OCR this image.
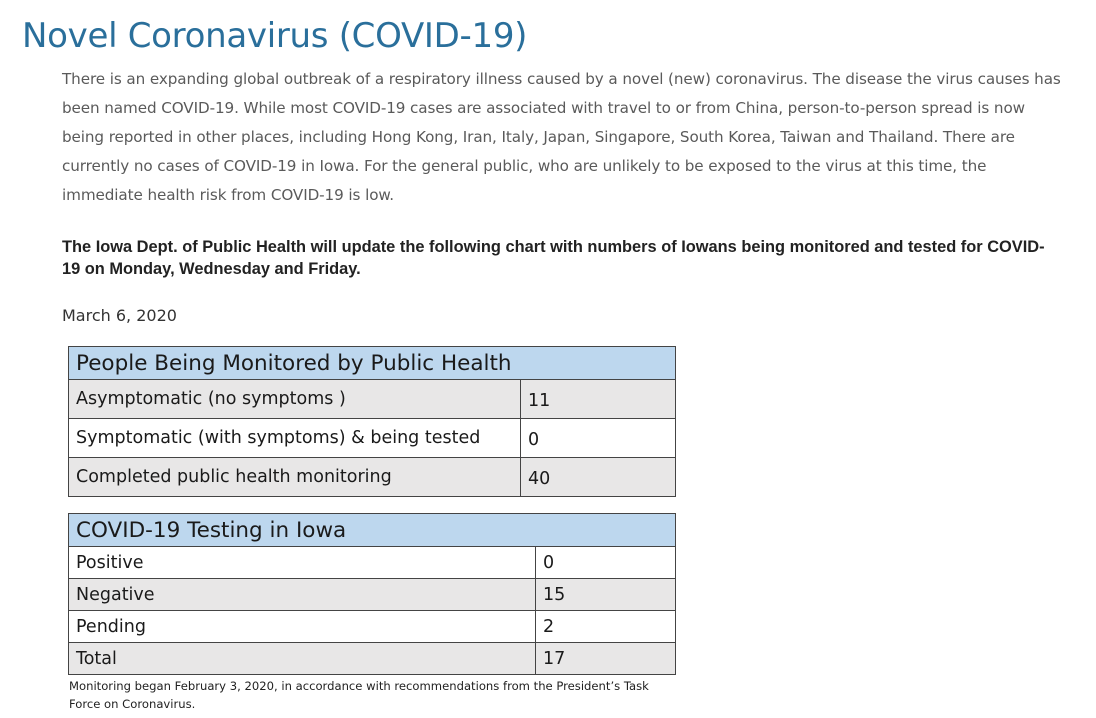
Novel Coronavirus (COVID-19)

There is an expanding global outbreak of a respiratory illness caused by a novel (new) coronavirus. The disease the virus causes has been named COVID-19. While most COVID-19 cases are associated with travel to or from China, person-to-person spread is now being reported in other places, including Hong Kong, Iran, Italy, Japan, Singapore, South Korea, Taiwan and Thailand. There are currently no cases of COVID-19 in Iowa. For the general public, who are unlikely to be exposed to the virus at this time, the immediate health risk from COVID-19 is low.

The Iowa Dept. of Public Health will update the following chart with numbers of Iowans being monitored and tested for COVID-19 on Monday, Wednesday and Friday.

March 6, 2020

People Being Monitored by Public Health	
Asymptomatic (no symptoms )	11
Symptomatic (with symptoms) & being tested	0
Completed public health monitoring	40
COVID-19 Testing in Iowa	
Positive	0
Negative	15
Pending	2
Total	17

Monitoring began February 3, 2020, in accordance with recommendations from the President’s Task Force on Coronavirus.
